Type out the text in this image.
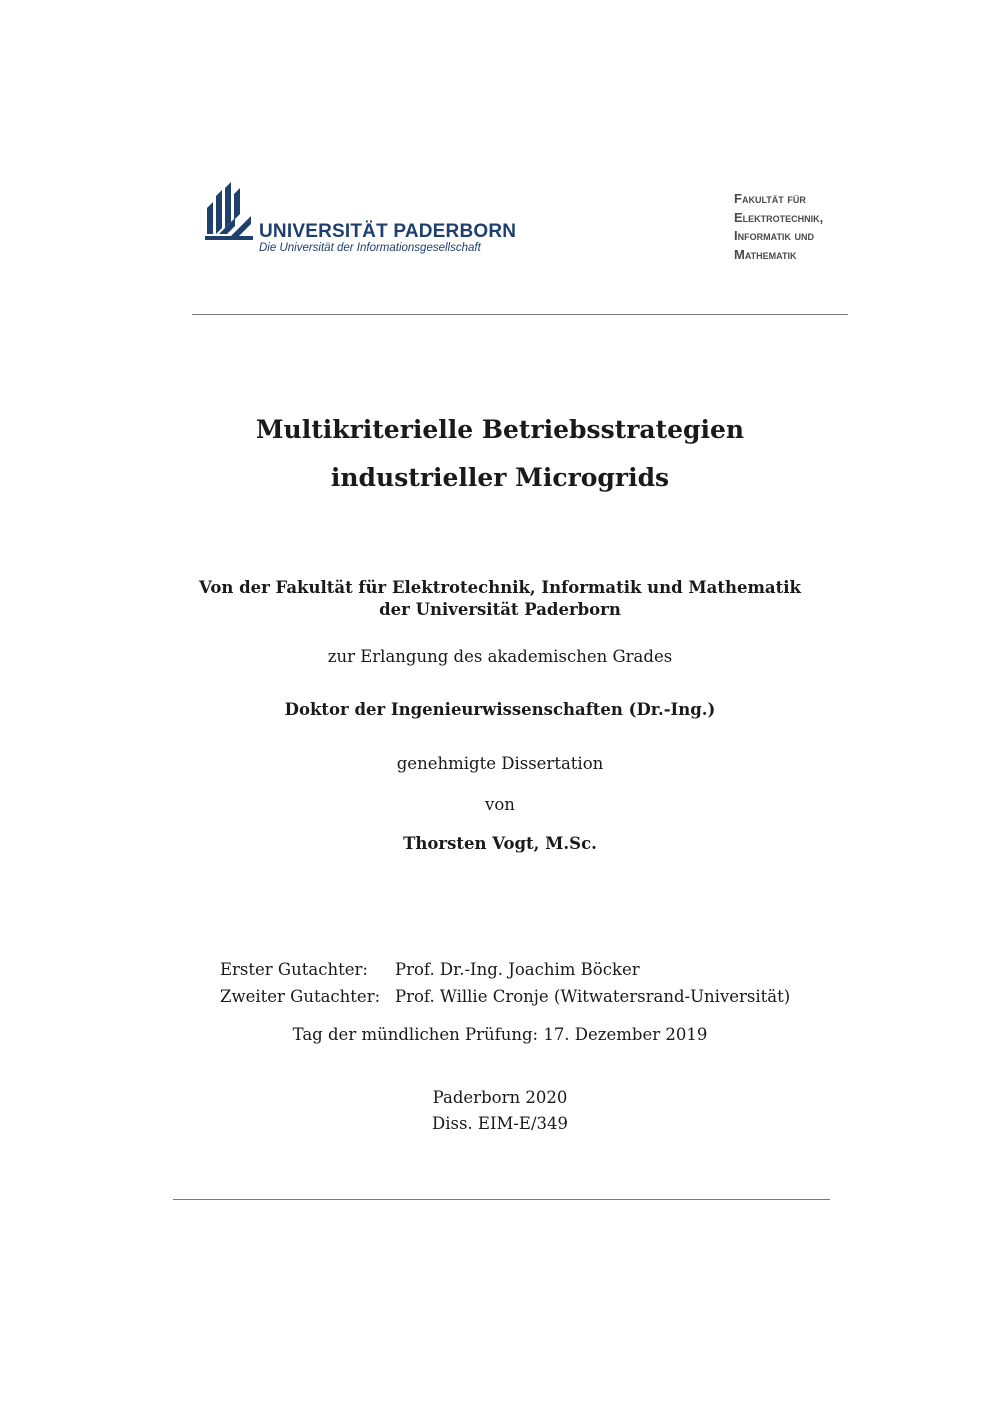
UNIVERSITÄT PADERBORN
Die Universität der Informationsgesellschaft
Fakultät für
Elektrotechnik,
Informatik und
Mathematik
Multikriterielle Betriebsstrategien
industrieller Microgrids
Von der Fakultät für Elektrotechnik, Informatik und Mathematik
der Universität Paderborn
zur Erlangung des akademischen Grades
Doktor der Ingenieurwissenschaften (Dr.-Ing.)
genehmigte Dissertation
von
Thorsten Vogt, M.Sc.
Erster Gutachter:	Prof. Dr.-Ing. Joachim Böcker
Zweiter Gutachter: Prof. Willie Cronje (Witwatersrand-Universität)
Tag der mündlichen Prüfung: 17. Dezember 2019
Paderborn 2020
Diss. EIM-E/349
